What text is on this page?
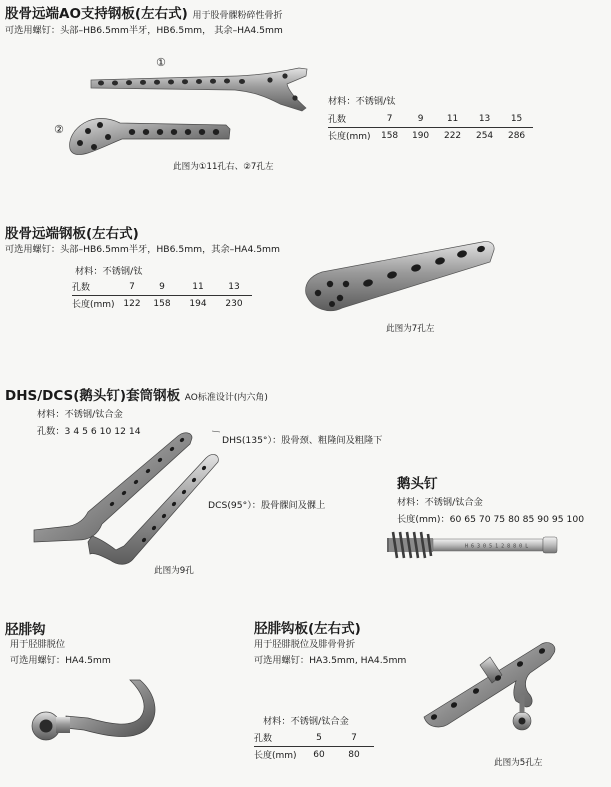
股骨远端AO支持钢板(左右式) 用于股骨髁粉碎性骨折
可选用螺钉：头部–HB6.5mm半牙，HB6.5mm， 其余–HA4.5mm
材料：不锈钢/钛
孔数	7	9	11	13	15
长度(mm)	158	190	222	254	286
①
②
此图为①11孔右、②7孔左
股骨远端钢板(左右式)
可选用螺钉：头部–HB6.5mm半牙，HB6.5mm，其余–HA4.5mm
材料：不锈钢/钛
孔数	7	9	11	13
长度(mm)	122	158	194	230
此图为7孔左
DHS/DCS(鹅头钉)套筒钢板 AO标准设计(内六角)
材料：不锈钢/钛合金
孔数：3 4 5 6 10 12 14
DHS(135°）：股骨颈、粗隆间及粗隆下
DCS(95°）：股骨髁间及髁上
此图为9孔
鹅头钉
材料：不锈钢/钛合金
长度(mm)：60 65 70 75 80 85 90 95 100
H 6 3 0 5 1 2 8 8 0 L
胫腓钩
用于胫腓脱位
可选用螺钉：HA4.5mm
胫腓钩板(左右式)
用于胫腓脱位及腓骨骨折
可选用螺钉：HA3.5mm, HA4.5mm
材料：不锈钢/钛合金
孔数	5	7
长度(mm)	60	80
此图为5孔左
